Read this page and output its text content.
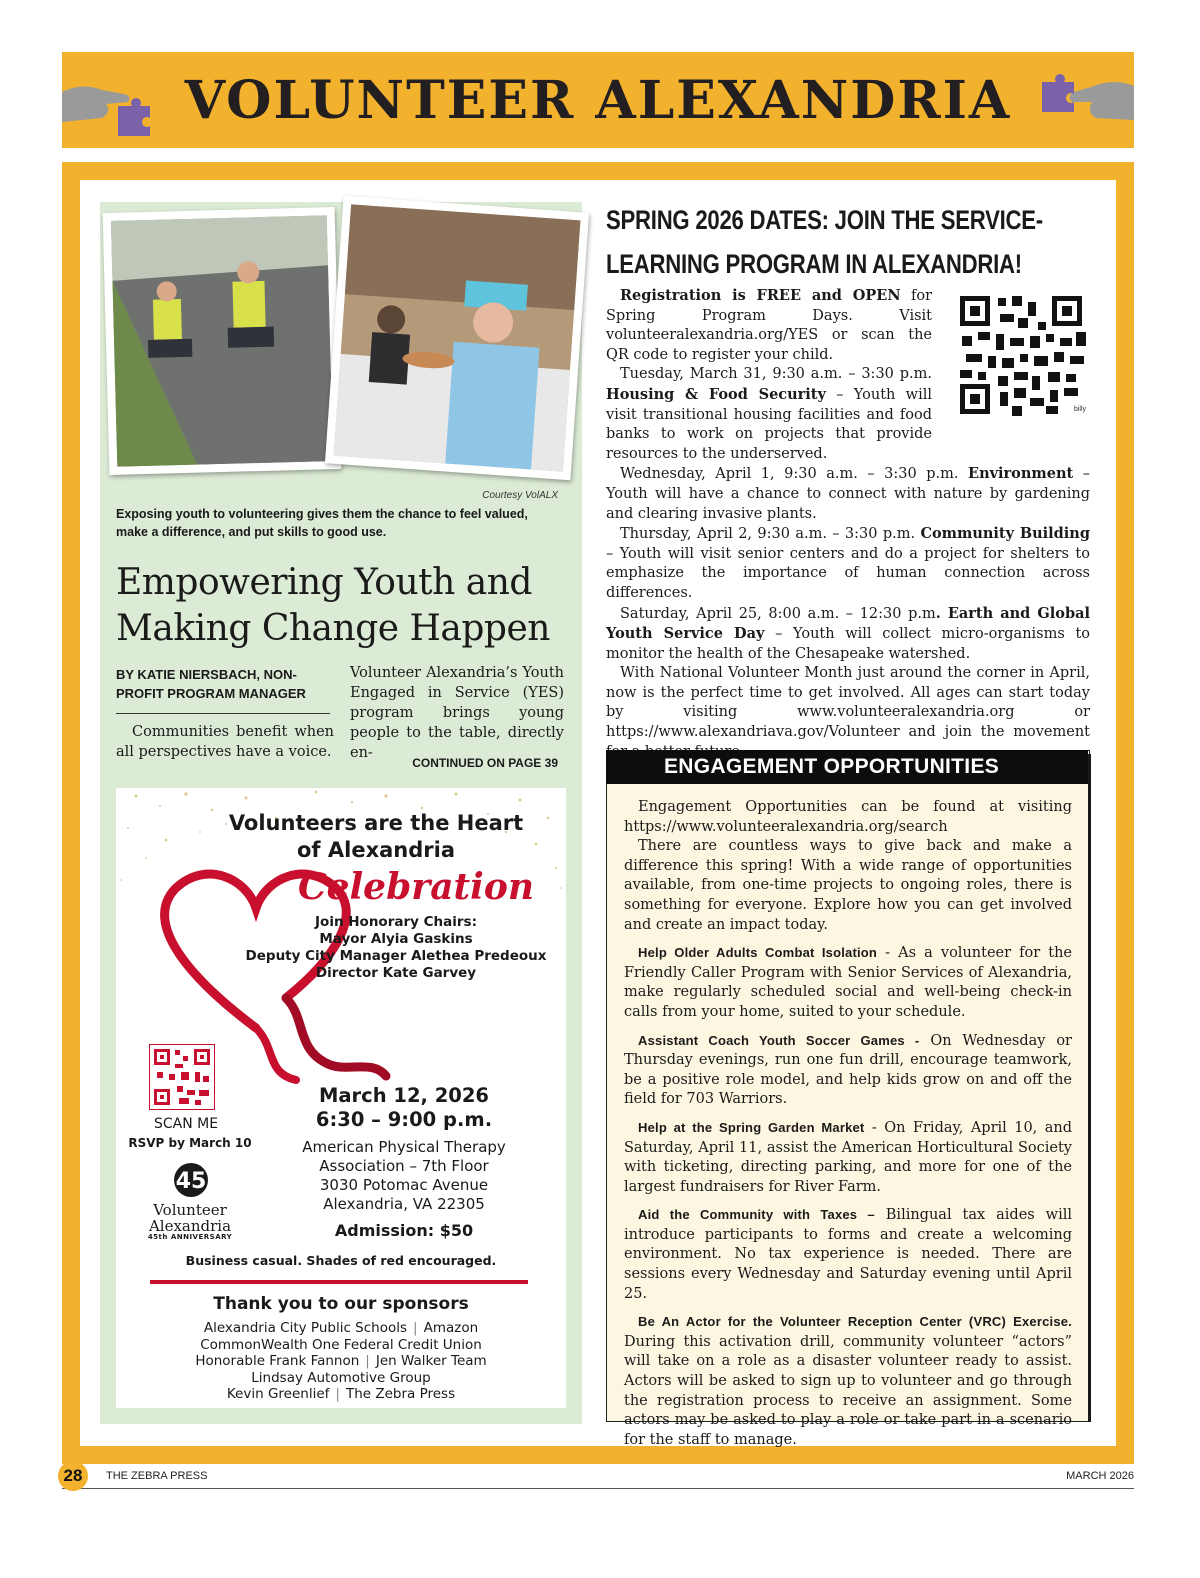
VOLUNTEER ALEXANDRIA
Courtesy VolALX
Exposing youth to volunteering gives them the chance to feel valued, make a difference, and put skills to good use.
Empowering Youth and Making Change Happen
BY KATIE NIERSBACH, NON-PROFIT PROGRAM MANAGER
Communities benefit when all perspectives have a voice.
Volunteer Alexandria’s Youth Engaged in Service (YES) program brings young people to the table, directly en-
CONTINUED ON PAGE 39
Volunteers are the Heart of Alexandria
Celebration
Join Honorary Chairs:
Mayor Alyia Gaskins
Deputy City Manager Alethea Predeoux
Director Kate Garvey
SCAN ME
RSVP by March 10
45
Volunteer
Alexandria
45th ANNIVERSARY
March 12, 2026
6:30 – 9:00 p.m.
American Physical Therapy
Association – 7th Floor
3030 Potomac Avenue
Alexandria, VA 22305
Admission: $50
Business casual. Shades of red encouraged.
Thank you to our sponsors
Alexandria City Public Schools | Amazon
CommonWealth One Federal Credit Union
Honorable Frank Fannon | Jen Walker Team
Lindsay Automotive Group
Kevin Greenlief | The Zebra Press
SPRING 2026 DATES: JOIN THE SERVICE-LEARNING PROGRAM IN ALEXANDRIA!
billy

Registration is FREE and OPEN for Spring Program Days. Visit volunteeralexandria.org/YES or scan the QR code to register your child.

Tuesday, March 31, 9:30 a.m. – 3:30 p.m. Housing & Food Security – Youth will visit transitional housing facilities and food banks to work on projects that provide resources to the underserved.

Wednesday, April 1, 9:30 a.m. – 3:30 p.m. Environment – Youth will have a chance to connect with nature by gardening and clearing invasive plants.

Thursday, April 2, 9:30 a.m. – 3:30 p.m. Community Building – Youth will visit senior centers and do a project for shelters to emphasize the importance of human connection across differences.

Saturday, April 25, 8:00 a.m. – 12:30 p.m. Earth and Global Youth Service Day – Youth will collect micro-organisms to monitor the health of the Chesapeake watershed.

With National Volunteer Month just around the corner in April, now is the perfect time to get involved. All ages can start today by visiting www.volunteeralexandria.org or https://www.alexandriava.gov/Volunteer and join the movement

ENGAGEMENT OPPORTUNITIES

Engagement Opportunities can be found at visiting https://www.volunteeralexandria.org/search

There are countless ways to give back and make a difference this spring! With a wide range of opportunities available, from one-time projects to ongoing roles, there is something for everyone. Explore how you can get involved and create an impact today.

Help Older Adults Combat Isolation - As a volunteer for the Friendly Caller Program with Senior Services of Alexandria, make regularly scheduled social and well-being check-in calls from your home, suited to your schedule.

Assistant Coach Youth Soccer Games - On Wednesday or Thursday evenings, run one fun drill, encourage teamwork, be a positive role model, and help kids grow on and off the field for 703 Warriors.

Help at the Spring Garden Market - On Friday, April 10, and Saturday, April 11, assist the American Horticultural Society with ticketing, directing parking, and more for one of the largest fundraisers for River Farm.

Aid the Community with Taxes – Bilingual tax aides will introduce participants to forms and create a welcoming environment. No tax experience is needed. There are sessions every Wednesday and Saturday evening until April 25.

Be An Actor for the Volunteer Reception Center (VRC) Exercise. During this activation drill, community volunteer “actors” will take on a role as a disaster volunteer ready to assist. Actors will be asked to sign up to volunteer and go through the registration process to receive an assignment. Some actors may be asked to play a role or take part in a scenario for the staff to manage.

28	THE ZEBRA PRESS	MARCH 2026
